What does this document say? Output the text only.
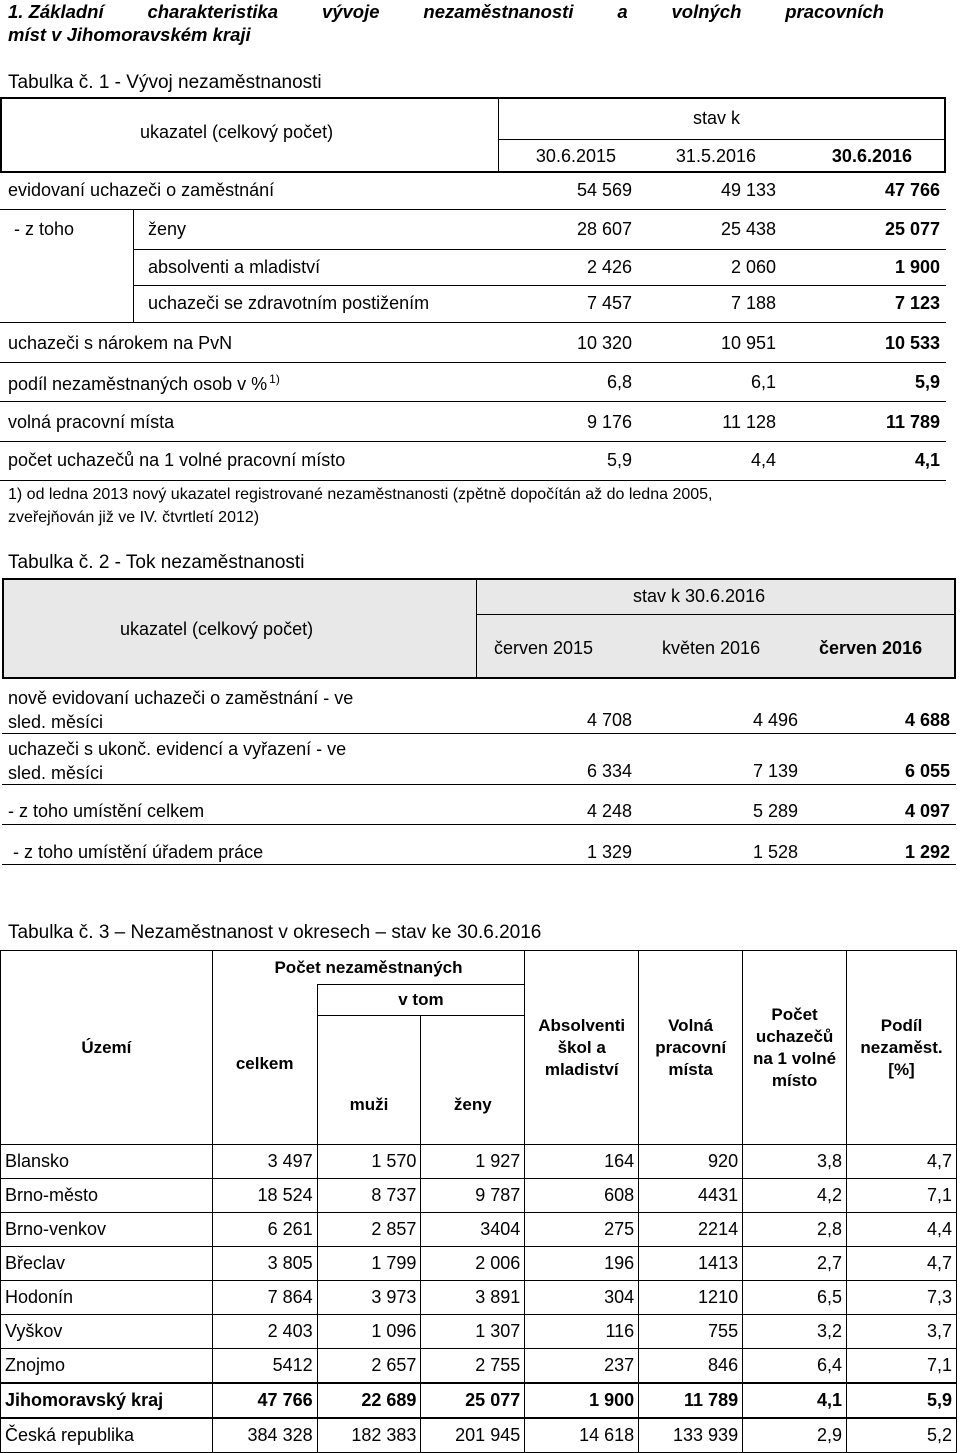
1. Základní charakteristika vývoje nezaměstnanosti a volných pracovních
míst v Jihomoravském kraji
Tabulka č. 1 - Vývoj nezaměstnanosti
ukazatel (celkový počet)
stav k
30.6.2015	31.5.2016	30.6.2016
evidovaní uchazeči o zaměstnání	54 569	49 133	47 766
- z toho	ženy	28 607	25 438	25 077
absolventi a mladiství	2 426	2 060	1 900
uchazeči se zdravotním postižením	7 457	7 188	7 123
uchazeči s nárokem na PvN	10 320	10 951	10 533
podíl nezaměstnaných osob v % $^{1)}$	6,8	6,1	5,9
volná pracovní místa	9 176	11 128	11 789
počet uchazečů na 1 volné pracovní místo	5,9	4,4	4,1
1) od ledna 2013 nový ukazatel registrované nezaměstnanosti (zpětně dopočítán až do ledna 2005,
zveřejňován již ve IV. čtvrtletí 2012)
Tabulka č. 2 - Tok nezaměstnanosti
ukazatel (celkový počet)
stav k 30.6.2016
červen 2015	květen 2016	červen 2016
nově evidovaní uchazeči o zaměstnání - ve
sled. měsíci	4 708	4 496	4 688
uchazeči s ukonč. evidencí a vyřazení - ve
sled. měsíci	6 334	7 139	6 055
- z toho umístění celkem	4 248	5 289	4 097
- z toho umístění úřadem práce	1 329	1 528	1 292
Tabulka č. 3 – Nezaměstnanost v okresech – stav ke 30.6.2016
Území	Počet nezaměstnaných			Absolventi škol a mladiství	Volná pracovní místa	Počet uchazečů na 1 volné místo	Podíl nezaměst. [%]
	celkem	v tom					
		muži	ženy				
Blansko	3 497	1 570	1 927	164	920	3,8	4,7
Brno-město	18 524	8 737	9 787	608	4431	4,2	7,1
Brno-venkov	6 261	2 857	3404	275	2214	2,8	4,4
Břeclav	3 805	1 799	2 006	196	1413	2,7	4,7
Hodonín	7 864	3 973	3 891	304	1210	6,5	7,3
Vyškov	2 403	1 096	1 307	116	755	3,2	3,7
Znojmo	5412	2 657	2 755	237	846	6,4	7,1
Jihomoravský kraj	47 766	22 689	25 077	1 900	11 789	4,1	5,9
Česká republika	384 328	182 383	201 945	14 618	133 939	2,9	5,2
